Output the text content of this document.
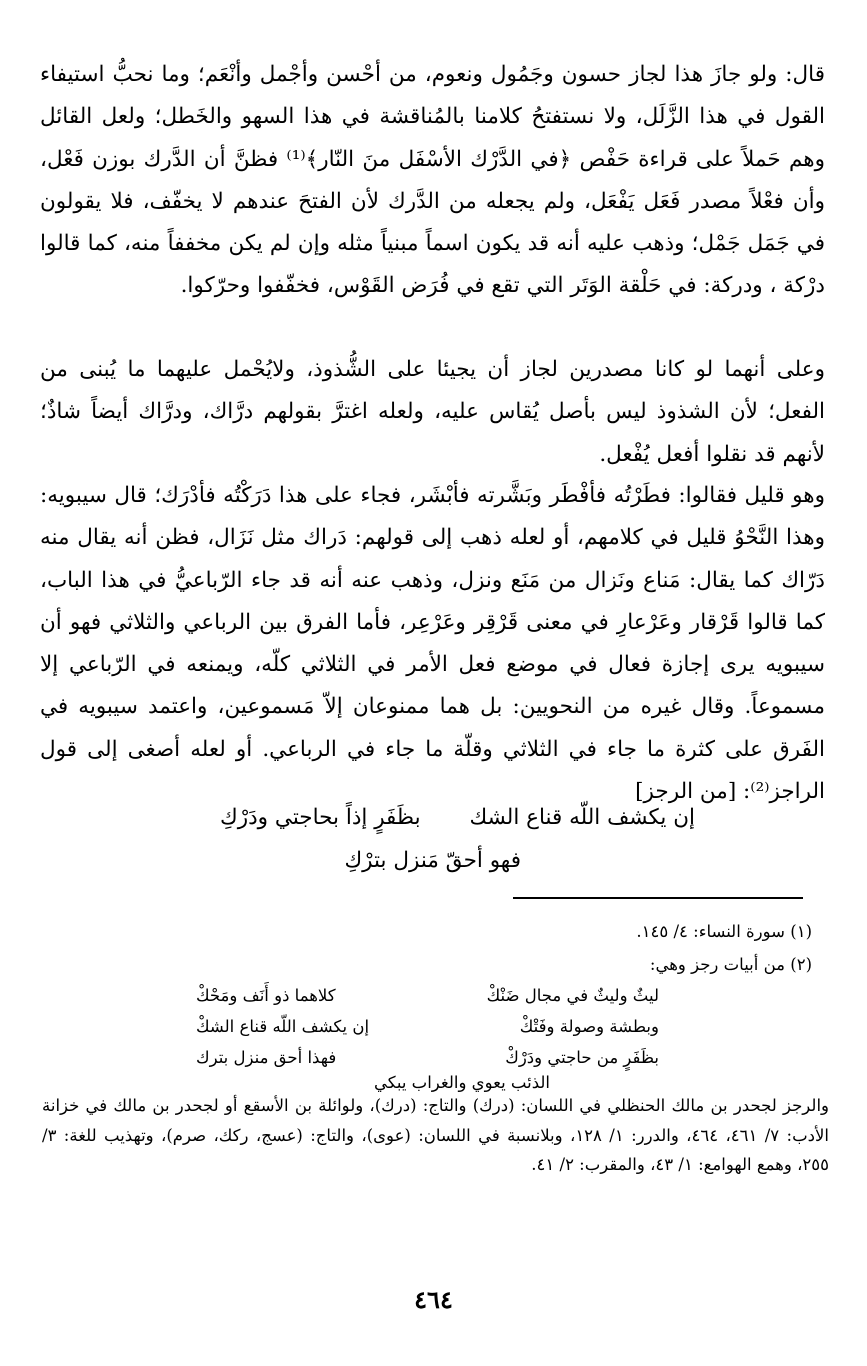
قال: ولو جازَ هذا لجاز حسون وجَمُول ونعوم، من أحْسن وأجْمل وأنْعَم؛ وما نحبُّ استيفاء القول في هذا الزَّلَل، ولا نستفتحُ كلامنا بالمُناقشة في هذا السهو والخَطل؛ ولعل القائل وهم حَملاً على قراءة حَفْص ﴿في الدَّرْك الأسْفَل منَ النّار﴾⁽¹⁾ فظنَّ أن الدَّرك بوزن فَعْل، وأن فعْلاً مصدر فَعَل يَفْعَل، ولم يجعله من الدَّرك لأن الفتحَ عندهم لا يخفّف، فلا يقولون في جَمَل جَمْل؛ وذهب عليه أنه قد يكون اسماً مبنياً مثله وإن لم يكن مخففاً منه، كما قالوا درْكة ، ودركة: في حَلْقة الوَتَر التي تقع في فُرَض القَوْس، فخفّفوا وحرّكوا.
وعلى أنهما لو كانا مصدرين لجاز أن يجيئا على الشُّذوذ، ولايُحْمل عليهما ما يُبنى من الفعل؛ لأن الشذوذ ليس بأصل يُقاس عليه، ولعله اغترَّ بقولهم درَّاك، ودرَّاك أيضاً شاذٌ؛ لأنهم قد نقلوا أفعل يُفْعل.
وهو قليل فقالوا: فطَرْتُه فأفْطَر وبَشَّرته فأبْشَر، فجاء على هذا دَرَكْتُه فأدْرَك؛ قال سيبويه: وهذا النَّحْوُ قليل في كلامهم، أو لعله ذهب إلى قولهم: دَراك مثل نَزَال، فظن أنه يقال منه دَرّاك كما يقال: مَناع ونَزال من مَنَع ونزل، وذهب عنه أنه قد جاء الرّباعيُّ في هذا الباب، كما قالوا قَرْقار وعَرْعارِ في معنى قَرْقِر وعَرْعِر، فأما الفرق بين الرباعي والثلاثي فهو أن سيبويه يرى إجازة فعال في موضع فعل الأمر في الثلاثي كلّه، ويمنعه في الرّباعي إلا مسموعاً. وقال غيره من النحويين: بل هما ممنوعان إلاّ مَسموعين، واعتمد سيبويه في الفَرق على كثرة ما جاء في الثلاثي وقلّة ما جاء في الرباعي. أو لعله أصغى إلى قول الراجز⁽²⁾: [من الرجز]
إن يكشف اللّه قناع الشك
بظَفَرٍ إذاً بحاجتي ودَرْكِ
فهو أحقّ مَنزل بترْكِ
(١) سورة النساء: ٤/ ١٤٥.
(٢) من أبيات رجز وهي:
ليثٌ وليثٌ في مجال ضَنْكْ
كلاهما ذو أَنَف ومَحْكْ
وبطشة وصولة وفَتْكْ
إن يكشف اللّه قناع الشكْ
بظَفَرٍ من حاجتي ودَرْكْ
فهذا أحق منزل بترك
الذئب يعوي والغراب يبكي
والرجز لجحدر بن مالك الحنظلي في اللسان: (درك) والتاج: (درك)، ولوائلة بن الأسقع أو لجحدر بن مالك في خزانة الأدب: ٧/ ٤٦١، ٤٦٤، والدرر: ١/ ١٢٨، وبلانسبة في اللسان: (عوى)، والتاج: (عسج، ركك، صرم)، وتهذيب للغة: ٣/ ٢٥٥، وهمع الهوامع: ١/ ٤٣، والمقرب: ٢/ ٤١.
٤٦٤
